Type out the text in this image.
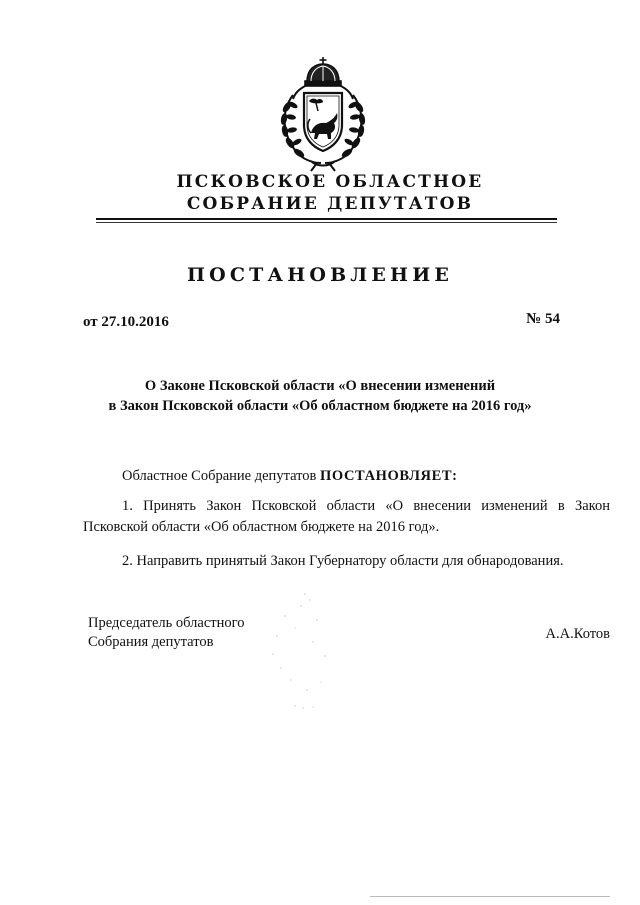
ПСКОВСКОЕ ОБЛАСТНОЕ
СОБРАНИЕ ДЕПУТАТОВ
ПОСТАНОВЛЕНИЕ
от 27.10.2016	№ 54
О Законе Псковской области «О внесении изменений
в Закон Псковской области «Об областном бюджете на 2016 год»
Областное Собрание депутатов ПОСТАНОВЛЯЕТ:
1. Принять Закон Псковской области «О внесении изменений в Закон
Псковской области «Об областном бюджете на 2016 год».
2. Направить принятый Закон Губернатору области для обнародования.
Председатель областного
Собрания депутатов	А.А.Котов
